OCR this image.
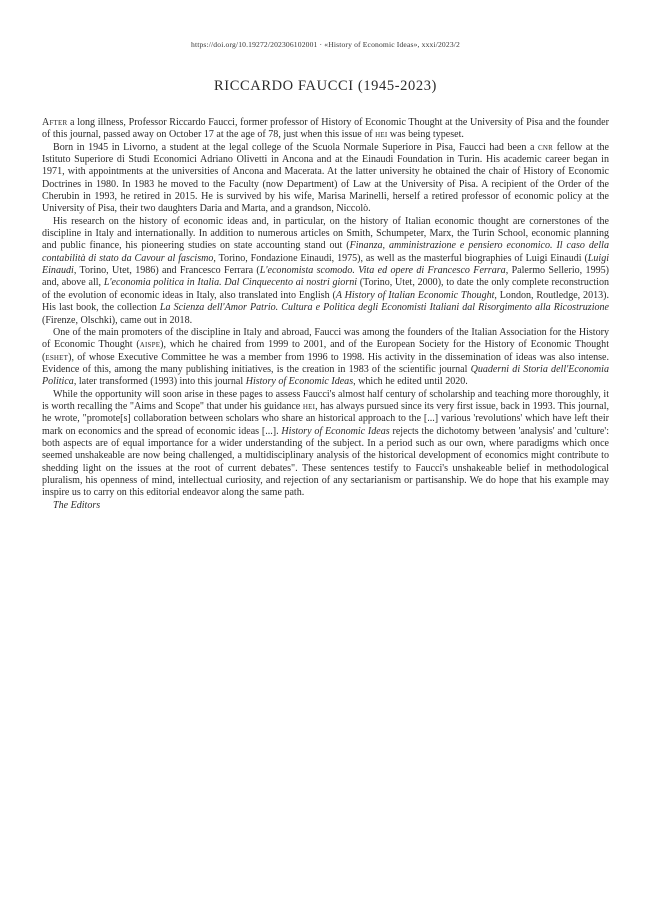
https://doi.org/10.19272/202306102001 · «History of Economic Ideas», xxxi/2023/2

RICCARDO FAUCCI (1945-2023)

After a long illness, Professor Riccardo Faucci, former professor of History of Economic Thought at the University of Pisa and the founder of this journal, passed away on October 17 at the age of 78, just when this issue of hei was being typeset.

Born in 1945 in Livorno, a student at the legal college of the Scuola Normale Superiore in Pisa, Faucci had been a cnr fellow at the Istituto Superiore di Studi Economici Adriano Olivetti in Ancona and at the Einaudi Foundation in Turin. His academic career began in 1971, with appointments at the universities of Ancona and Macerata. At the latter university he obtained the chair of History of Economic Doctrines in 1980. In 1983 he moved to the Faculty (now Department) of Law at the University of Pisa. A recipient of the Order of the Cherubin in 1993, he retired in 2015. He is survived by his wife, Marisa Marinelli, herself a retired professor of economic policy at the University of Pisa, their two daughters Daria and Marta, and a grandson, Niccolò.

His research on the history of economic ideas and, in particular, on the history of Italian economic thought are cornerstones of the discipline in Italy and internationally. In addition to numerous articles on Smith, Schumpeter, Marx, the Turin School, economic planning and public finance, his pioneering studies on state accounting stand out (Finanza, amministrazione e pensiero economico. Il caso della contabilità di stato da Cavour al fascismo, Torino, Fondazione Einaudi, 1975), as well as the masterful biographies of Luigi Einaudi (Luigi Einaudi, Torino, Utet, 1986) and Francesco Ferrara (L'economista scomodo. Vita ed opere di Francesco Ferrara, Palermo Sellerio, 1995) and, above all, L'economia politica in Italia. Dal Cinquecento ai nostri giorni (Torino, Utet, 2000), to date the only complete reconstruction of the evolution of economic ideas in Italy, also translated into English (A History of Italian Economic Thought, London, Routledge, 2013). His last book, the collection La Scienza dell'Amor Patrio. Cultura e Politica degli Economisti Italiani dal Risorgimento alla Ricostruzione (Firenze, Olschki), came out in 2018.

One of the main promoters of the discipline in Italy and abroad, Faucci was among the founders of the Italian Association for the History of Economic Thought (aispe), which he chaired from 1999 to 2001, and of the European Society for the History of Economic Thought (eshet), of whose Executive Committee he was a member from 1996 to 1998. His activity in the dissemination of ideas was also intense. Evidence of this, among the many publishing initiatives, is the creation in 1983 of the scientific journal Quaderni di Storia dell'Economia Politica, later transformed (1993) into this journal History of Economic Ideas, which he edited until 2020.

While the opportunity will soon arise in these pages to assess Faucci's almost half century of scholarship and teaching more thoroughly, it is worth recalling the "Aims and Scope" that under his guidance hei, has always pursued since its very first issue, back in 1993. This journal, he wrote, "promote[s] collaboration between scholars who share an historical approach to the [...] various 'revolutions' which have left their mark on economics and the spread of economic ideas [...]. History of Economic Ideas rejects the dichotomy between 'analysis' and 'culture': both aspects are of equal importance for a wider understanding of the subject. In a period such as our own, where paradigms which once seemed unshakeable are now being challenged, a multidisciplinary analysis of the historical development of economics might contribute to shedding light on the issues at the root of current debates". These sentences testify to Faucci's unshakeable belief in methodological pluralism, his openness of mind, intellectual curiosity, and rejection of any sectarianism or partisanship. We do hope that his example may inspire us to carry on this editorial endeavor along the same path.

The Editors
